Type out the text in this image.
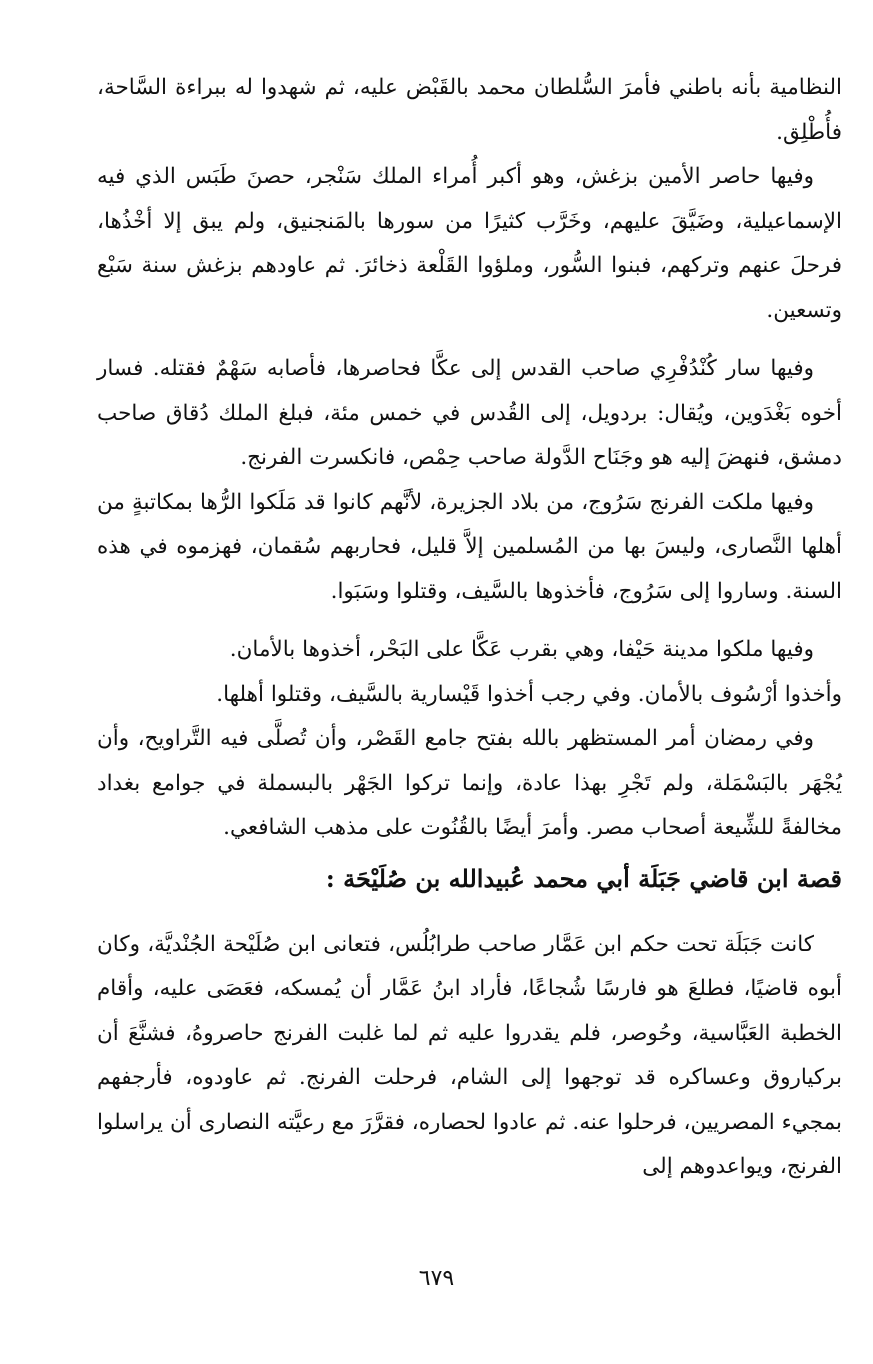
النظامية بأنه باطني فأمرَ السُّلطان محمد بالقَبْض عليه، ثم شهدوا له ببراءة السَّاحة، فأُطْلِق.

وفيها حاصر الأمين بزغش، وهو أكبر أُمراء الملك سَنْجر، حصنَ طَبَس الذي فيه الإسماعيلية، وضَيَّقَ عليهم، وخَرَّب كثيرًا من سورها بالمَنجنيق، ولم يبق إلا أخْذُها، فرحلَ عنهم وتركهم، فبنوا السُّور، وملؤوا القَلْعة ذخائرَ. ثم عاودهم بزغش سنة سَبْع وتسعين.

وفيها سار كُنْدُفْرِي صاحب القدس إلى عكَّا فحاصرها، فأصابه سَهْمٌ فقتله. فسار أخوه بَغْدَوين، ويُقال: بردويل، إلى القُدس في خمس مئة، فبلغ الملك دُقاق صاحب دمشق، فنهضَ إليه هو وجَنَاح الدَّولة صاحب حِمْص، فانكسرت الفرنج.

وفيها ملكت الفرنج سَرُوج، من بلاد الجزيرة، لأنَّهم كانوا قد مَلَكوا الرُّها بمكاتبةٍ من أهلها النَّصارى، وليسَ بها من المُسلمين إلاَّ قليل، فحاربهم سُقمان، فهزموه في هذه السنة. وساروا إلى سَرُوج، فأخذوها بالسَّيف، وقتلوا وسَبَوا.

وفيها ملكوا مدينة حَيْفا، وهي بقرب عَكَّا على البَحْر، أخذوها بالأمان.

وأخذوا أرْسُوف بالأمان. وفي رجب أخذوا قَيْسارية بالسَّيف، وقتلوا أهلها.

وفي رمضان أمر المستظهر بالله بفتح جامع القَصْر، وأن تُصلَّى فيه التَّراويح، وأن يُجْهَر بالبَسْمَلة، ولم تَجْرِ بهذا عادة، وإنما تركوا الجَهْر بالبسملة في جوامع بغداد مخالفةً للشِّيعة أصحاب مصر. وأمرَ أيضًا بالقُنُوت على مذهب الشافعي.

قصة ابن قاضي جَبَلَة أبي محمد عُبيدالله بن صُلَيْحَة :

كانت جَبَلَة تحت حكم ابن عَمَّار صاحب طرابُلُس، فتعانى ابن صُلَيْحة الجُنْديَّة، وكان أبوه قاضيًا، فطلعَ هو فارسًا شُجاعًا، فأراد ابنُ عَمَّار أن يُمسكه، فعَصَى عليه، وأقام الخطبة العَبَّاسية، وحُوصر، فلم يقدروا عليه ثم لما غلبت الفرنج حاصروهُ، فشنَّعَ أن بركياروق وعساكره قد توجهوا إلى الشام، فرحلت الفرنج. ثم عاودوه، فأرجفهم بمجيء المصريين، فرحلوا عنه. ثم عادوا لحصاره، فقرَّرَ مع رعيَّته النصارى أن يراسلوا الفرنج، ويواعدوهم إلى

٦٧٩
